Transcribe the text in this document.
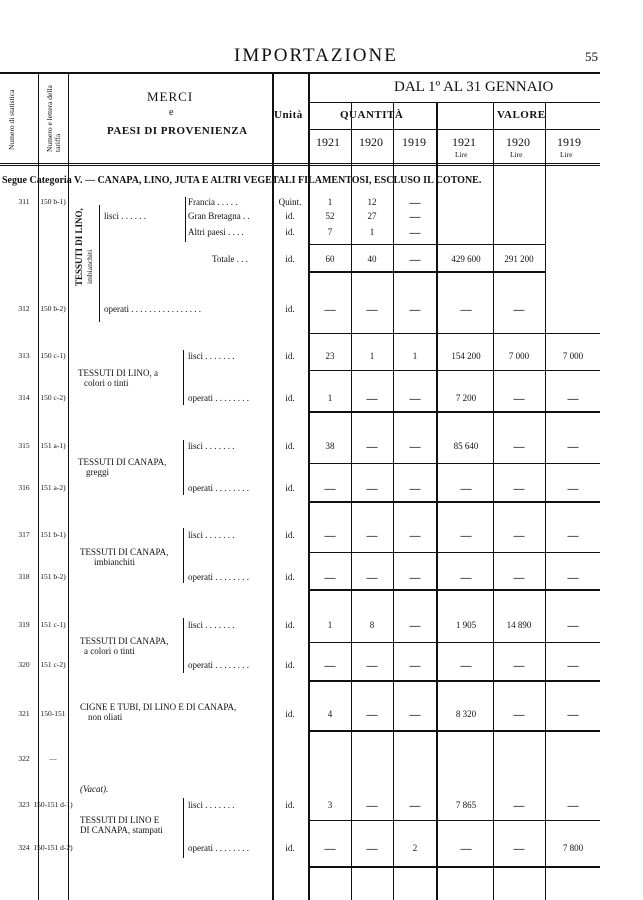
IMPORTAZIONE	55
Numero di statistica	Numero e lettera della tariffa
MERCI
e
PAESI DI PROVENIENZA
Unità
DAL 1º AL 31 GENNAIO
QUANTITÀ	VALORE
1921 1920 1919 1921	1920 1919
Lire	Lire	Lire
Segue Categoria V. — CANAPA, LINO, JUTA E ALTRI VEGETALI FILAMENTOSI, ESCLUSO IL COTONE.
TESSUTI DI LINO, imbianchiti
lisci . . . . . .
TESSUTI DI LINO, a
colori o tinti
TESSUTI DI CANAPA,
greggi
TESSUTI DI CANAPA,
imbianchiti
TESSUTI DI CANAPA,
a colori o tinti
CIGNE E TUBI, DI LINO E DI CANAPA,
non oliati
(Vacat).
TESSUTI DI LINO E
DI CANAPA, stampati
311 150 b-1)	Francia . . . . .	Quint.	1	12	—
Gran Bretagna . .	id.	52	27	—
Altri paesi . . . .	id.	7	1	—
Totale . . .	id.	60	40	—	429 600	291 200
312 150 b-2)	operati . . . . . . . . . . . . . . . .	id.	—	—	—	—	—
313 150 c-1)	lisci . . . . . . .	id.	23	1	1	154 200	7 000	7 000
314 150 c-2)	operati . . . . . . . .	id.	1	—	—	7 200	—	—
315 151 a-1)	lisci . . . . . . .	id.	38	—	—	85 640	—	—
316 151 a-2)	operati . . . . . . . .	id.	—	—	—	—	—	—
317 151 b-1)	lisci . . . . . . .	id.	—	—	—	—	—	—
318 151 b-2)	operati . . . . . . . .	id.	—	—	—	—	—	—
319 151 c-1)	lisci . . . . . . .	id.	1	8	—	1 905	14 890	—
320 151 c-2)	operati . . . . . . . .	id.	—	—	—	—	—	—
321 150-151	id.	4	—	—	8 320	—	—
322	—
323 150-151 d-1)	lisci . . . . . . .	id.	3	—	—	7 865	—	—
324 150-151 d-2)	operati . . . . . . . .	id.	—	—	2	—	—	7 800
